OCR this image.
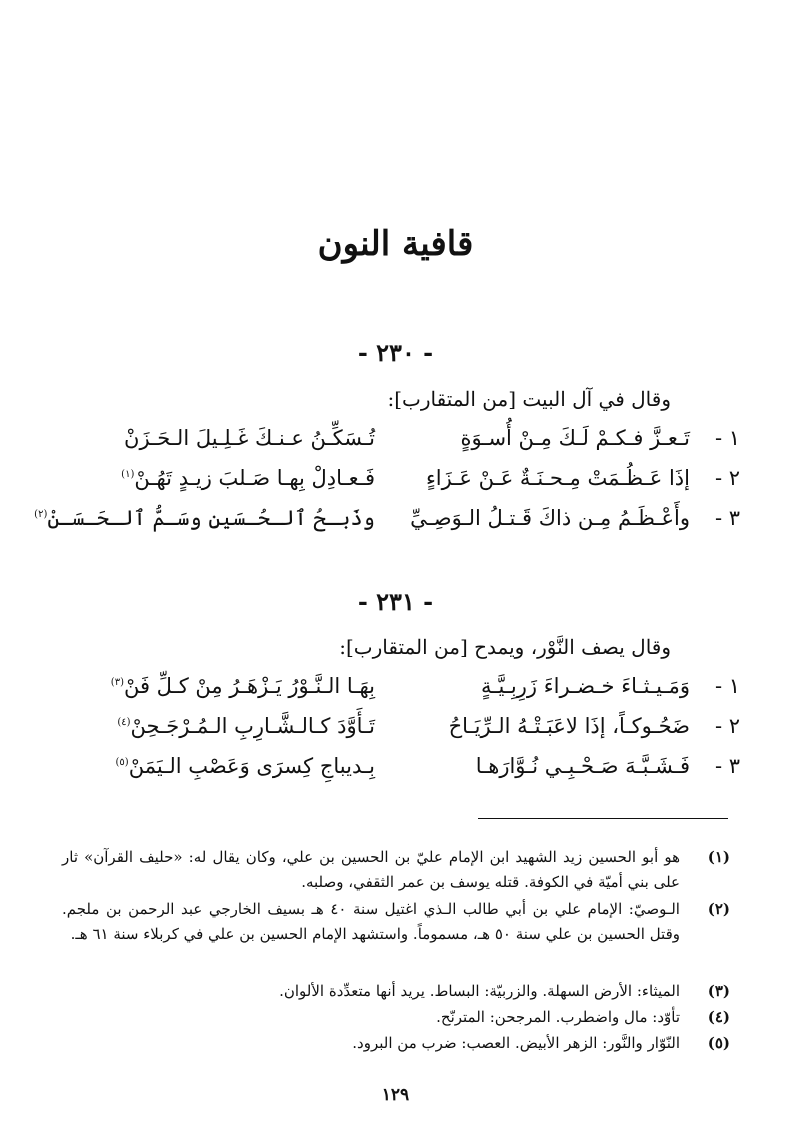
قافية النون
- ٢٣٠ -
وقال في آل البيت [من المتقارب]:
١ -
تَـعـزَّ فـكـمْ لَـكَ مِـنْ أُسـوَةٍ
تُـسَكِّـنُ عـنـكَ غَـلِـيلَ الـحَـزَنْ
٢ -
إذَا عَـظُـمَتْ مِـحـنَـةٌ عَـنْ عَـزَاءٍ
فَـعـادِلْ بِهـا صَـلبَ زيـدٍ تَهُـنْ$^{(١)}$
٣ -
وأَعْـظَـمُ مِـن ذاكَ قَـتـلُ الـوَصِـيِّ
وذَبـحُ ٱلـحُـسَينِ وسَـمُّ ٱلـحَـسَـنْ$^{(٢)}$
- ٢٣١ -
وقال يصف النَّوْر، ويمدح [من المتقارب]:
١ -
وَمَـيـثـاءَ خـضـراءَ زَرِبِـيَّـةٍ
بِهَـا الـنَّـوْرُ يَـزْهَـرُ مِنْ كـلِّ فَنْ$^{(٣)}$
٢ -
ضَحُـوكـاً، إذَا لاعَبَـتْـهُ الـرِّيَـاحُ
تَـأَوَّدَ كـالـشَّـارِبِ الـمُـرْجَـحِنْ$^{(٤)}$
٣ -
فَـشَـبَّـهَ صَـحْـبِـي نُـوَّارَهـا
بِـديباجِ كِسرَى وَعَصْبِ الـيَمَنْ$^{(٥)}$
(١)
هو أبو الحسين زيد الشهيد ابن الإمام عليّ بن الحسين بن علي، وكان يقال له: «حليف القرآن» ثار على بني أميّة في الكوفة. قتله يوسف بن عمر الثقفي، وصلبه.
(٢)
الـوصيّ: الإمام علي بن أبي طالب الـذي اغتيل سنة ٤٠ هـ بسيف الخارجي عبد الرحمن بن ملجم. وقتل الحسين بن علي سنة ٥٠ هـ، مسموماً. واستشهد الإمام الحسين بن علي في كربلاء سنة ٦١ هـ.
(٣)
الميثاء: الأرض السهلة. والزربيّة: البساط. يريد أنها متعدِّدة الألوان.
(٤)
تأوّد: مال واضطرب. المرجحن: المترنّح.
(٥)
النّوّار والنَّور: الزهر الأبيض. العصب: ضرب من البرود.
١٢٩
